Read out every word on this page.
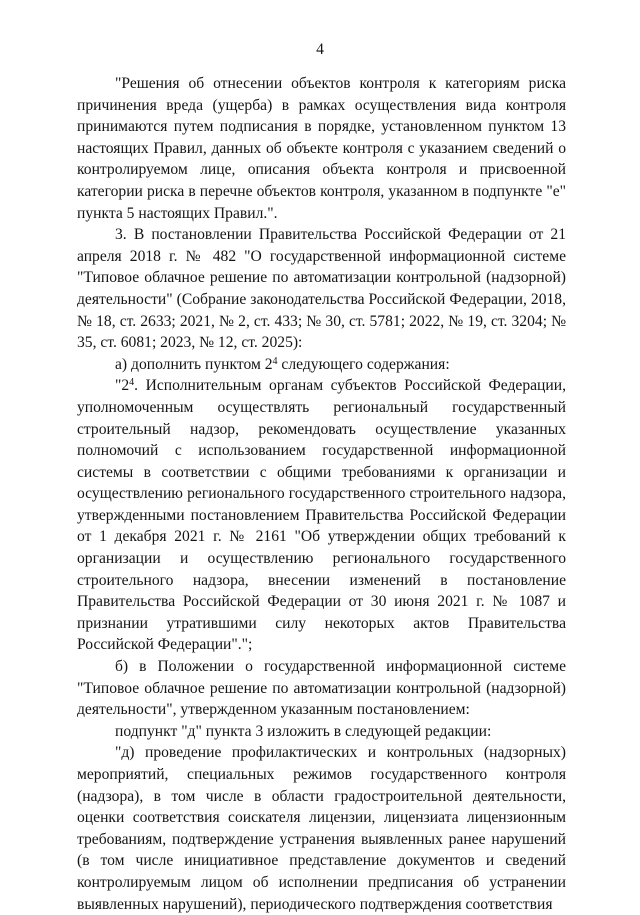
4

"Решения об отнесении объектов контроля к категориям риска причинения вреда (ущерба) в рамках осуществления вида контроля принимаются путем подписания в порядке, установленном пунктом 13 настоящих Правил, данных об объекте контроля с указанием сведений о контролируемом лице, описания объекта контроля и присвоенной категории риска в перечне объектов контроля, указанном в подпункте "е" пункта 5 настоящих Правил.".

3. В постановлении Правительства Российской Федерации от 21 апреля 2018 г. № 482 "О государственной информационной системе "Типовое облачное решение по автоматизации контрольной (надзорной) деятельности" (Собрание законодательства Российской Федерации, 2018, № 18, ст. 2633; 2021, № 2, ст. 433; № 30, ст. 5781; 2022, № 19, ст. 3204; № 35, ст. 6081; 2023, № 12, ст. 2025):

а) дополнить пунктом $2^4$ следующего содержания:

"$2^4$. Исполнительным органам субъектов Российской Федерации, уполномоченным осуществлять региональный государственный строительный надзор, рекомендовать осуществление указанных полномочий с использованием государственной информационной системы в соответствии с общими требованиями к организации и осуществлению регионального государственного строительного надзора, утвержденными постановлением Правительства Российской Федерации от 1 декабря 2021 г. № 2161 "Об утверждении общих требований к организации и осуществлению регионального государственного строительного надзора, внесении изменений в постановление Правительства Российской Федерации от 30 июня 2021 г. № 1087 и признании утратившими силу некоторых актов Правительства Российской Федерации".";

б) в Положении о государственной информационной системе "Типовое облачное решение по автоматизации контрольной (надзорной) деятельности", утвержденном указанным постановлением:

подпункт "д" пункта 3 изложить в следующей редакции:

"д) проведение профилактических и контрольных (надзорных) мероприятий, специальных режимов государственного контроля (надзора), в том числе в области градостроительной деятельности, оценки соответствия соискателя лицензии, лицензиата лицензионным требованиям, подтверждение устранения выявленных ранее нарушений (в том числе инициативное представление документов и сведений контролируемым лицом об исполнении предписания об устранении выявленных нарушений), периодического подтверждения соответствия
